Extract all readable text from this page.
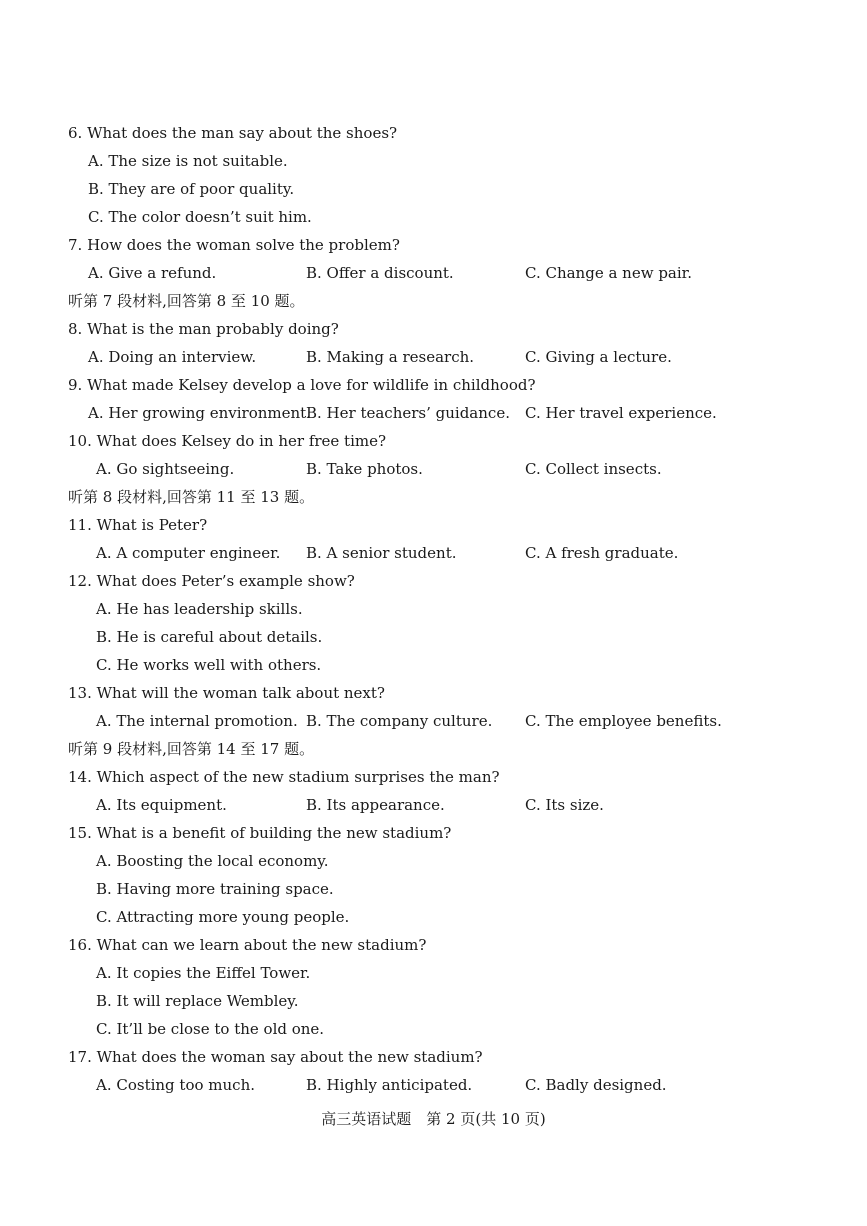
6. What does the man say about the shoes?
A. The size is not suitable.
B. They are of poor quality.
C. The color doesn’t suit him.
7. How does the woman solve the problem?
A. Give a refund.	B. Offer a discount.	C. Change a new pair.
听第 7 段材料,回答第 8 至 10 题。
8. What is the man probably doing?
A. Doing an interview.	B. Making a research.	C. Giving a lecture.
9. What made Kelsey develop a love for wildlife in childhood?
A. Her growing environment.
B. Her teachers’ guidance. C. Her travel experience.
10. What does Kelsey do in her free time?
A. Go sightseeing.	B. Take photos.	C. Collect insects.
听第 8 段材料,回答第 11 至 13 题。
11. What is Peter?
A. A computer engineer. B. A senior student.	C. A fresh graduate.
12. What does Peter’s example show?
A. He has leadership skills.
B. He is careful about details.
C. He works well with others.
13. What will the woman talk about next?
A. The internal promotion. B. The company culture. C. The employee benefits.
听第 9 段材料,回答第 14 至 17 题。
14. Which aspect of the new stadium surprises the man?
A. Its equipment.	B. Its appearance.	C. Its size.
15. What is a benefit of building the new stadium?
A. Boosting the local economy.
B. Having more training space.
C. Attracting more young people.
16. What can we learn about the new stadium?
A. It copies the Eiffel Tower.
B. It will replace Wembley.
C. It’ll be close to the old one.
17. What does the woman say about the new stadium?
A. Costing too much.	B. Highly anticipated.	C. Badly designed.
高三英语试题　第 2 页(共 10 页)
